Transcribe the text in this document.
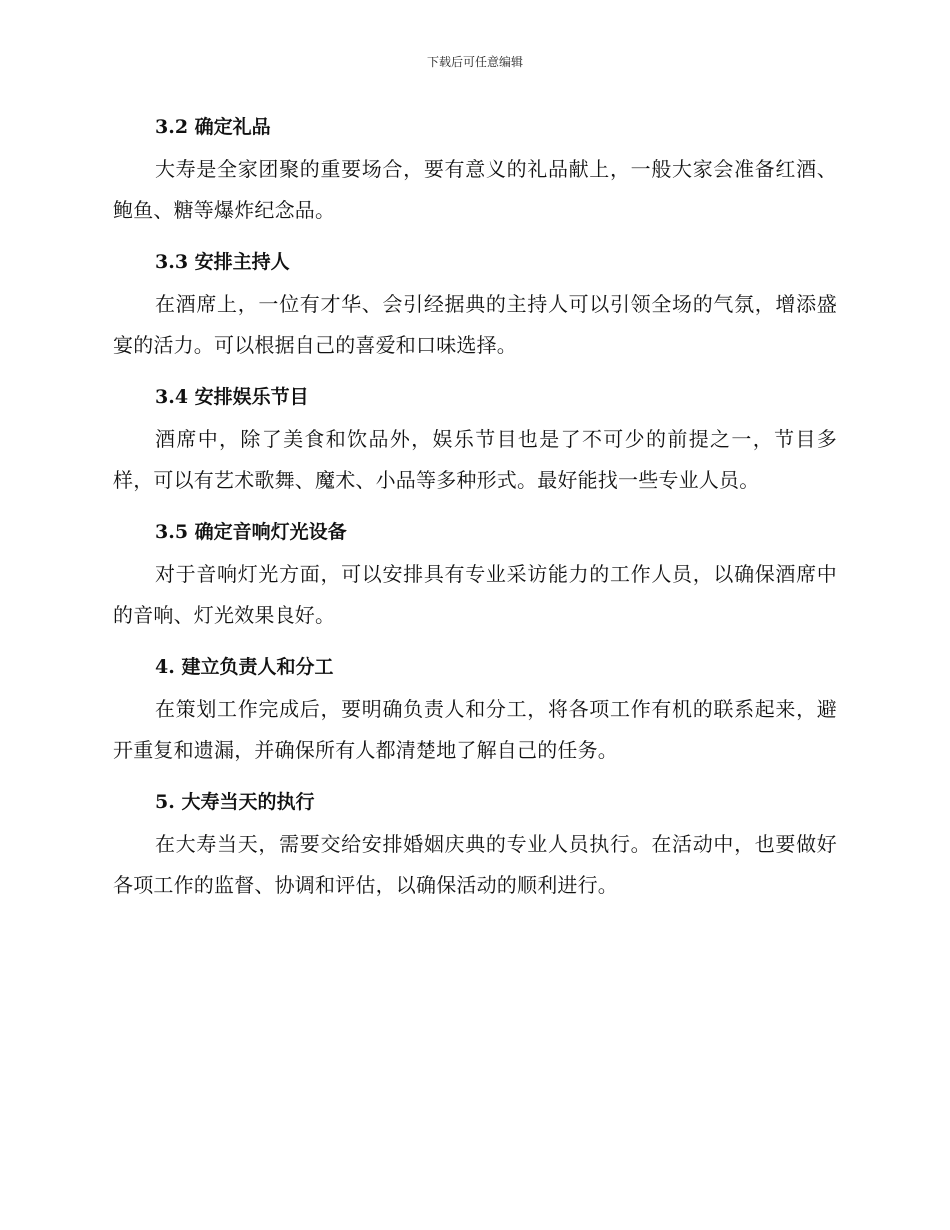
下载后可任意编辑
3.2 确定礼品

大寿是全家团聚的重要场合，要有意义的礼品献上，一般大家会准备红酒、鲍鱼、糖等爆炸纪念品。

3.3 安排主持人

在酒席上，一位有才华、会引经据典的主持人可以引领全场的气氛，增添盛宴的活力。可以根据自己的喜爱和口味选择。

3.4 安排娱乐节目

酒席中，除了美食和饮品外，娱乐节目也是了不可少的前提之一，节目多样，可以有艺术歌舞、魔术、小品等多种形式。最好能找一些专业人员。

3.5 确定音响灯光设备

对于音响灯光方面，可以安排具有专业采访能力的工作人员，以确保酒席中的音响、灯光效果良好。

4. 建立负责人和分工

在策划工作完成后，要明确负责人和分工，将各项工作有机的联系起来，避开重复和遗漏，并确保所有人都清楚地了解自己的任务。

5. 大寿当天的执行

在大寿当天，需要交给安排婚姻庆典的专业人员执行。在活动中，也要做好各项工作的监督、协调和评估，以确保活动的顺利进行。
